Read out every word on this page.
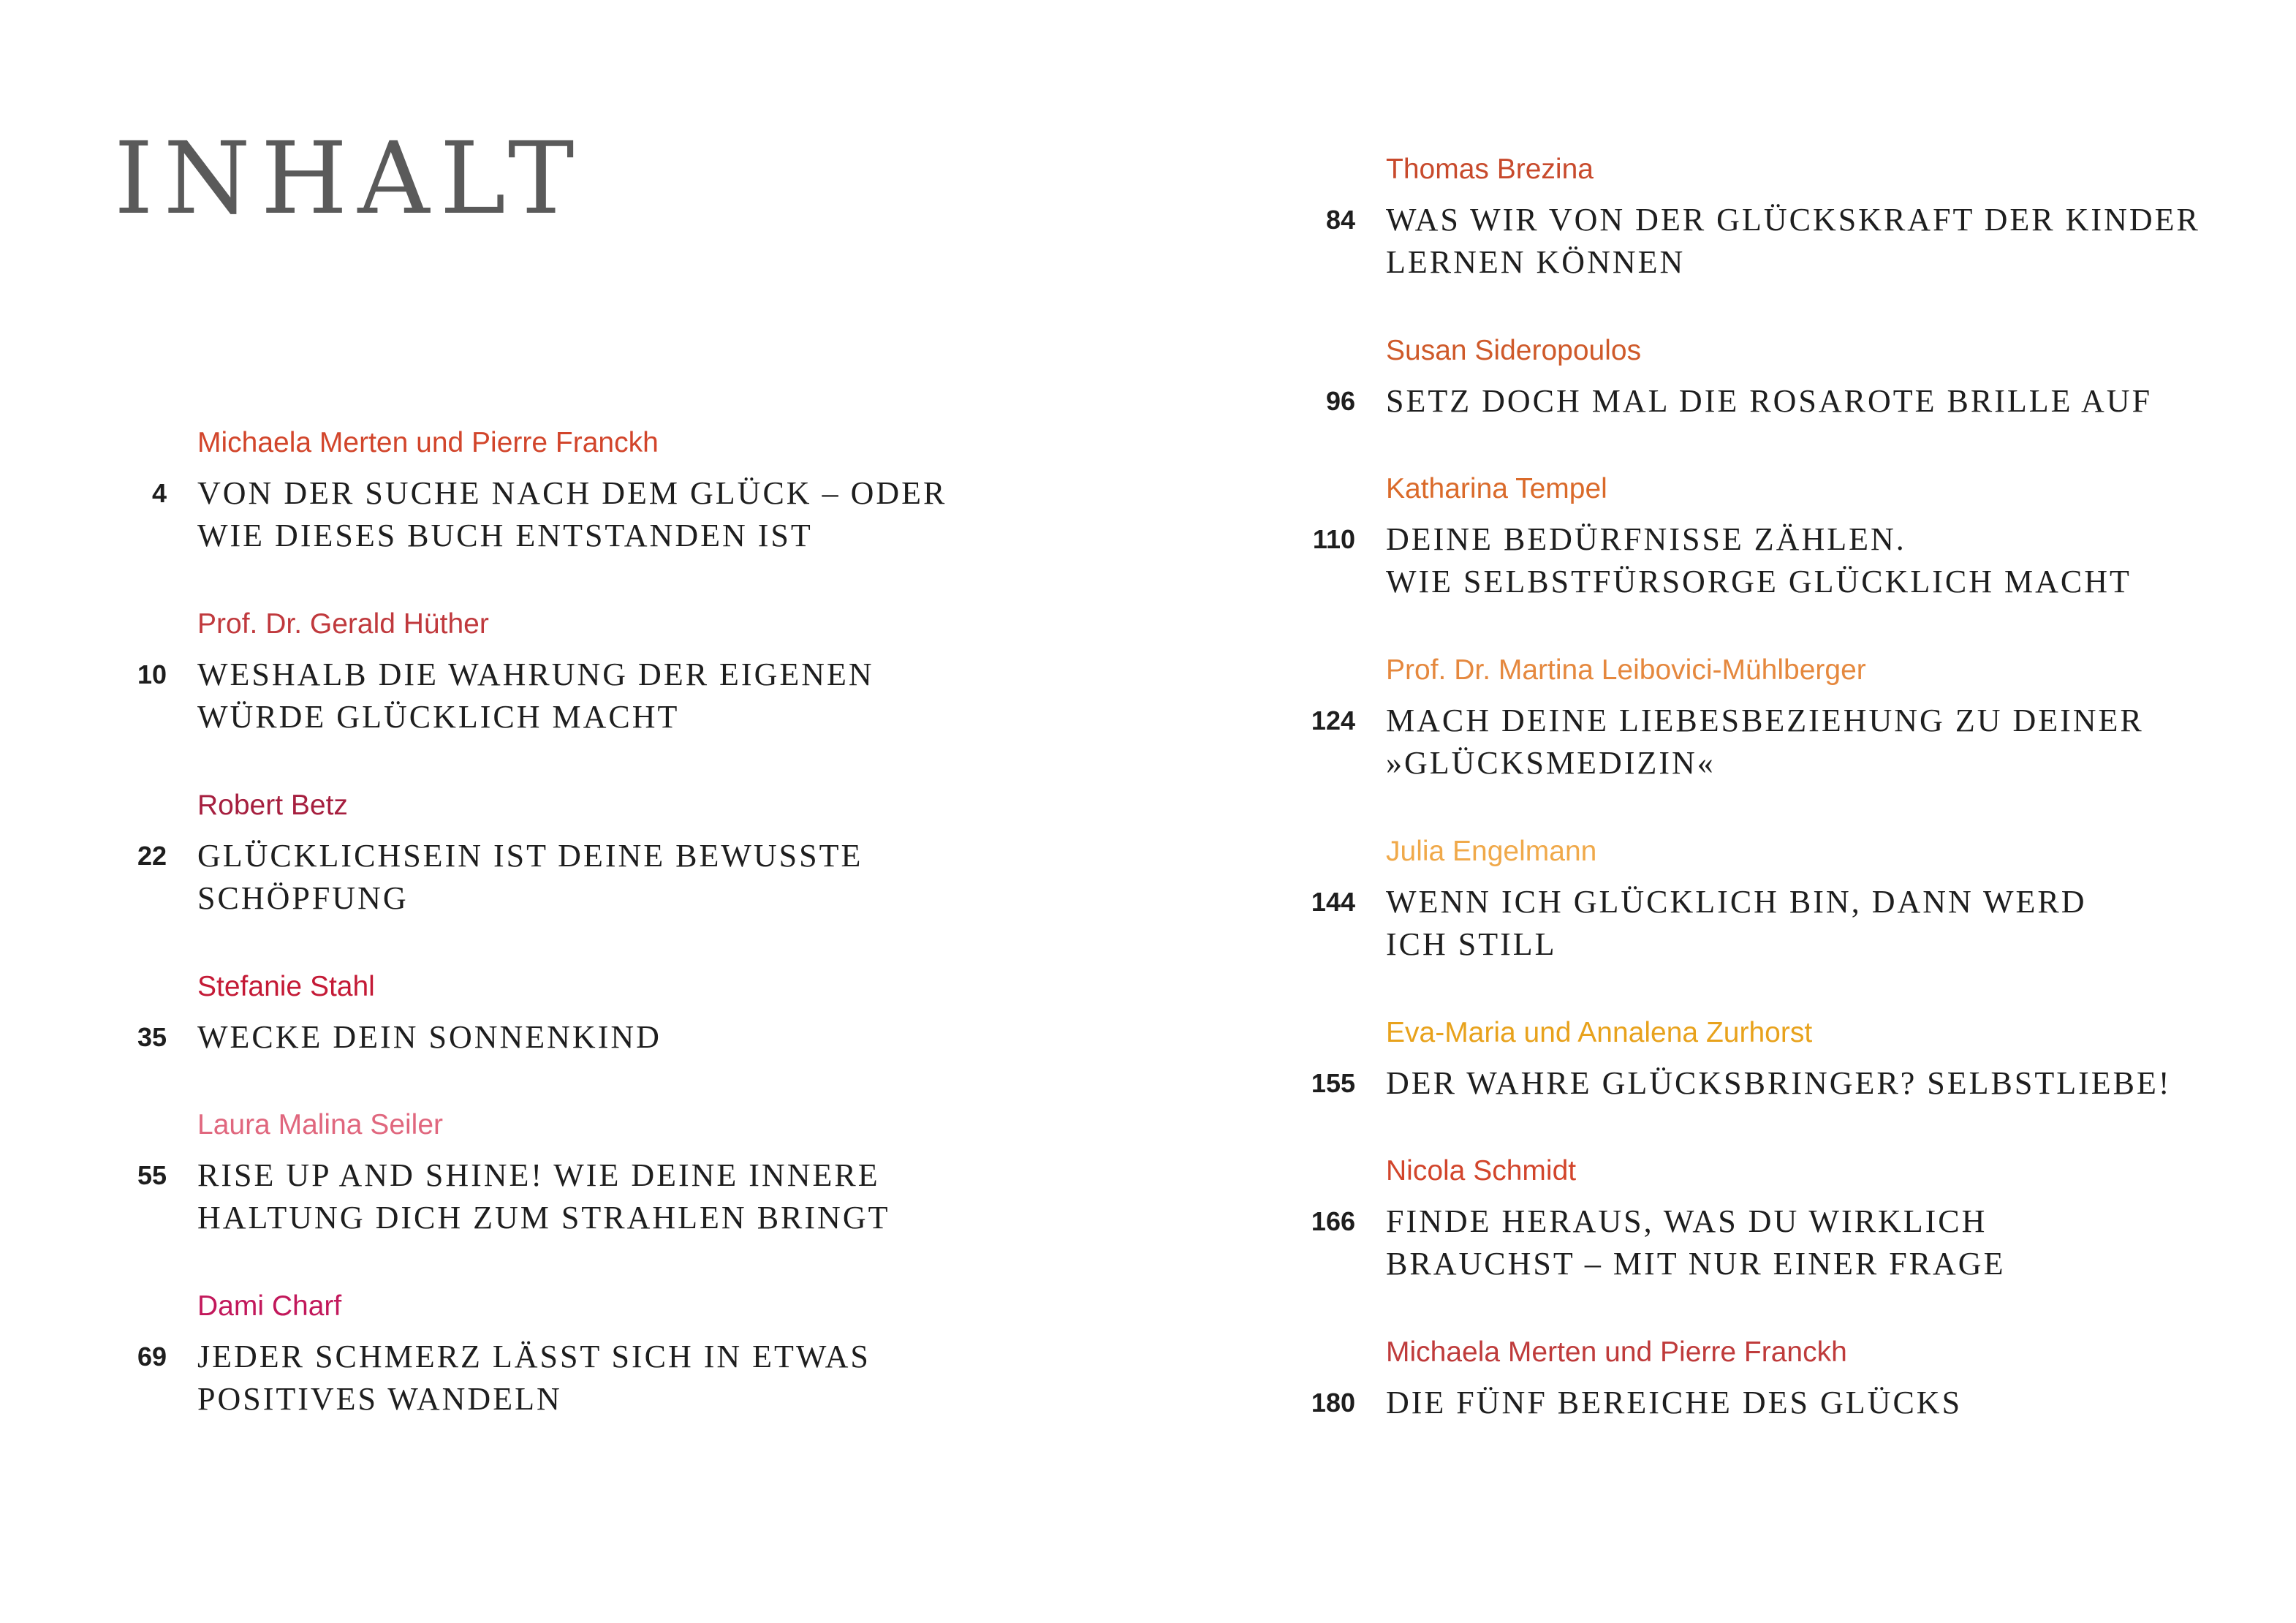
INHALT
Michaela Merten und Pierre Franckh
4 VON DER SUCHE NACH DEM GLÜCK – ODER
WIE DIESES BUCH ENTSTANDEN IST
Prof. Dr. Gerald Hüther
10 WESHALB DIE WAHRUNG DER EIGENEN
WÜRDE GLÜCKLICH MACHT
Robert Betz
22 GLÜCKLICHSEIN IST DEINE BEWUSSTE
SCHÖPFUNG
Stefanie Stahl
35 WECKE DEIN SONNENKIND
Laura Malina Seiler
55 RISE UP AND SHINE! WIE DEINE INNERE
HALTUNG DICH ZUM STRAHLEN BRINGT
Dami Charf
69 JEDER SCHMERZ LÄSST SICH IN ETWAS
POSITIVES WANDELN
Thomas Brezina
84 WAS WIR VON DER GLÜCKSKRAFT DER KINDER
LERNEN KÖNNEN
Susan Sideropoulos
96 SETZ DOCH MAL DIE ROSAROTE BRILLE AUF
Katharina Tempel
110 DEINE BEDÜRFNISSE ZÄHLEN.
WIE SELBSTFÜRSORGE GLÜCKLICH MACHT
Prof. Dr. Martina Leibovici-Mühlberger
124 MACH DEINE LIEBESBEZIEHUNG ZU DEINER
»GLÜCKSMEDIZIN«
Julia Engelmann
144 WENN ICH GLÜCKLICH BIN, DANN WERD
ICH STILL
Eva-Maria und Annalena Zurhorst
155 DER WAHRE GLÜCKSBRINGER? SELBSTLIEBE!
Nicola Schmidt
166 FINDE HERAUS, WAS DU WIRKLICH
BRAUCHST – MIT NUR EINER FRAGE
Michaela Merten und Pierre Franckh
180 DIE FÜNF BEREICHE DES GLÜCKS
